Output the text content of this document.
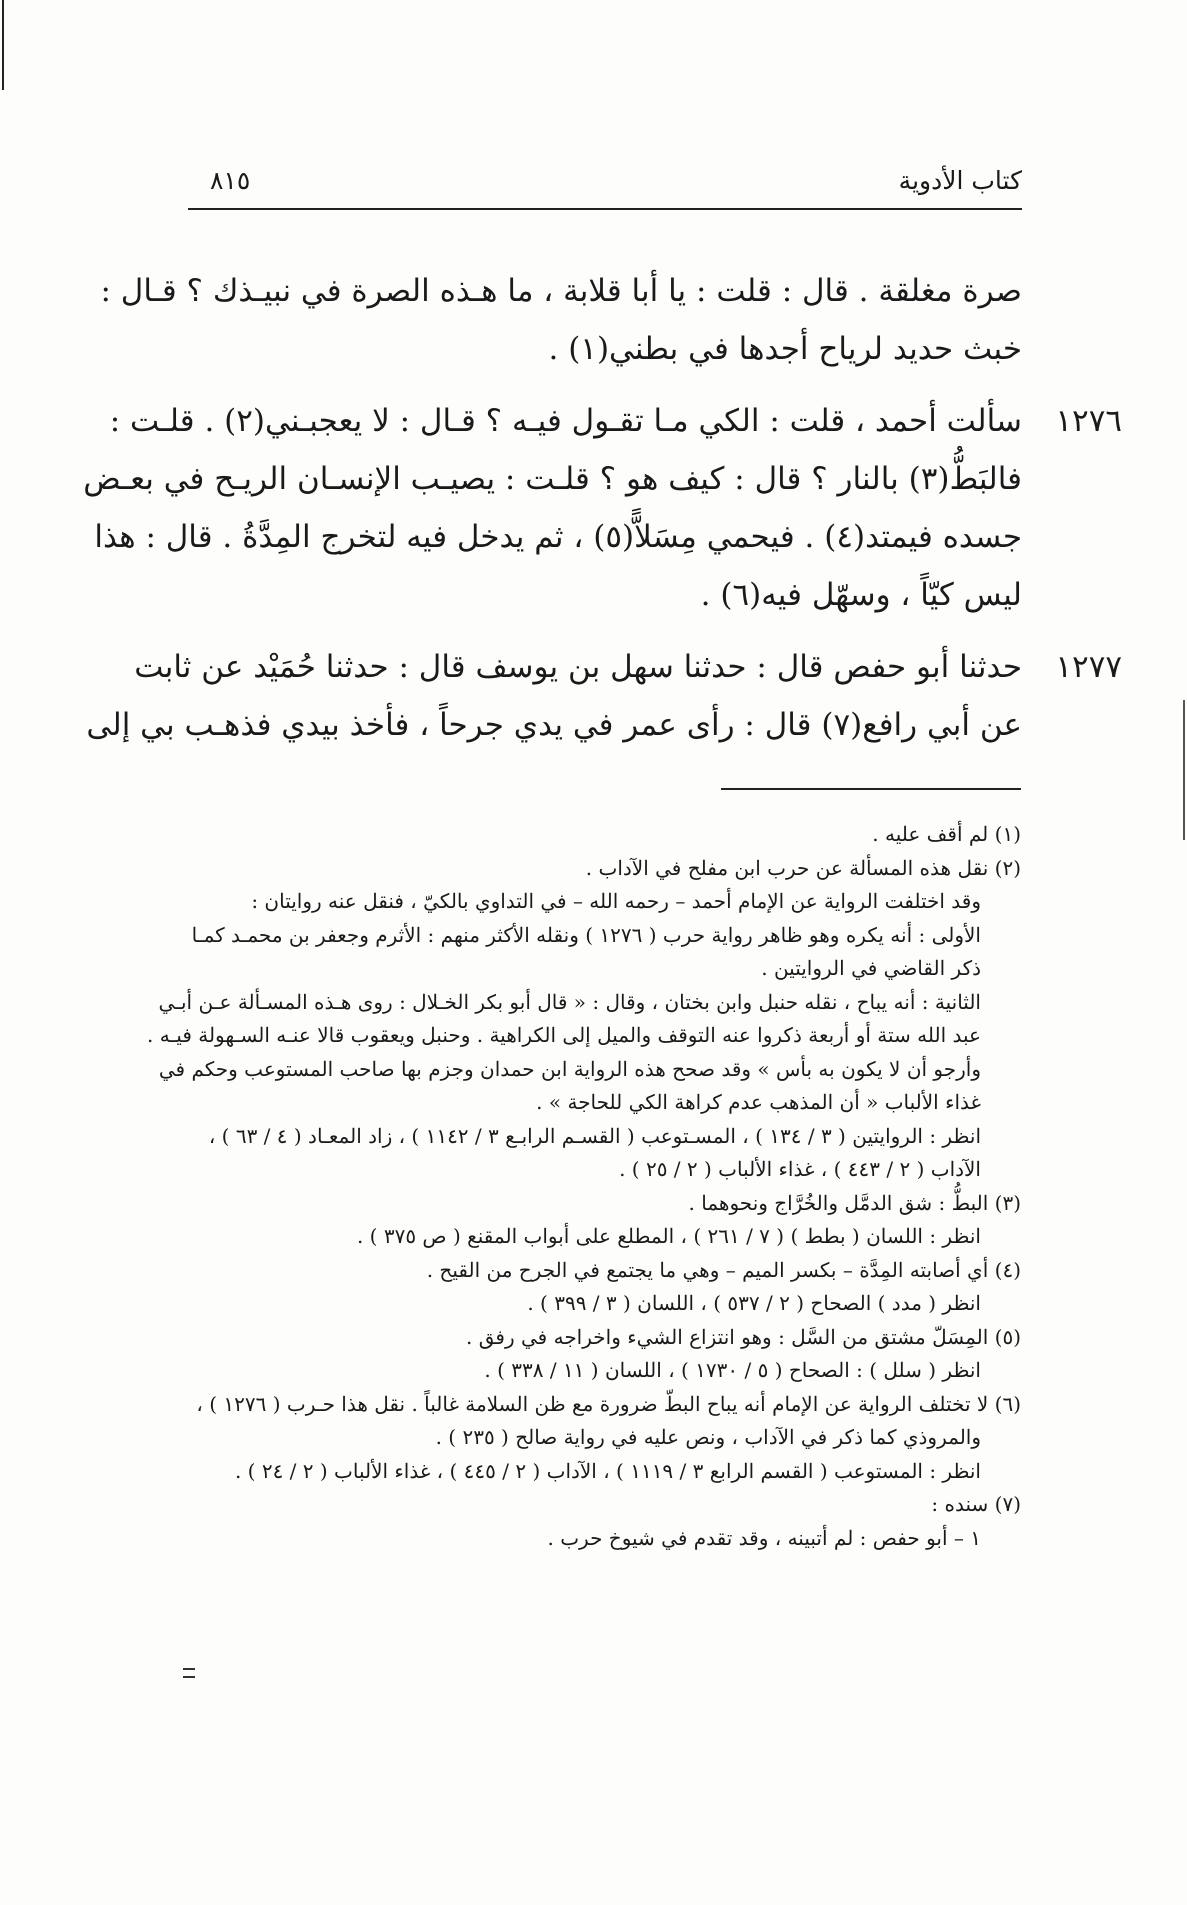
كتاب الأدوية
٨١٥
صرة مغلقة . قال : قلت : يا أبا قلابة ، ما هـذه الصرة في نبيـذك ؟ قـال :
خبث حديد لرياح أجدها في بطني(١) .
١٢٧٦
سألت أحمد ، قلت : الكي مـا تقـول فيـه ؟ قـال : لا يعجبـني(٢) . قلـت :
فالبَطُّ(٣) بالنار ؟ قال : كيف هو ؟ قلـت : يصيـب الإنسـان الريـح في بعـض
جسده فيمتد(٤) . فيحمي مِسَلاًّ(٥) ، ثم يدخل فيه لتخرج المِدَّةُ . قال : هذا
ليس كيّاً ، وسهّل فيه(٦) .
١٢٧٧
حدثنا أبو حفص قال : حدثنا سهل بن يوسف قال : حدثنا حُمَيْد عن ثابت
عن أبي رافع(٧) قال : رأى عمر في يدي جرحاً ، فأخذ بيدي فذهـب بي إلى
(١) لم أقف عليه .
(٢) نقل هذه المسألة عن حرب ابن مفلح في الآداب .
وقد اختلفت الرواية عن الإمام أحمد – رحمه الله – في التداوي بالكيّ ، فنقل عنه روايتان :
الأولى : أنه يكره وهو ظاهر رواية حرب ( ١٢٧٦ ) ونقله الأكثر منهم : الأثرم وجعفر بن محمـد كمـا
ذكر القاضي في الروايتين .
الثانية : أنه يباح ، نقله حنبل وابن بختان ، وقال : « قال أبو بكر الخـلال : روى هـذه المسـألة عـن أبـي
عبد الله ستة أو أربعة ذكروا عنه التوقف والميل إلى الكراهية . وحنبل ويعقوب قالا عنـه السـهولة فيـه .
وأرجو أن لا يكون به بأس » وقد صحح هذه الرواية ابن حمدان وجزم بها صاحب المستوعب وحكم في
غذاء الألباب « أن المذهب عدم كراهة الكي للحاجة » .
انظر : الروايتين ( ٣ / ١٣٤ ) ، المسـتوعب ( القسـم الرابـع ٣ / ١١٤٢ ) ، زاد المعـاد ( ٤ / ٦٣ ) ،
الآداب ( ٢ / ٤٤٣ ) ، غذاء الألباب ( ٢ / ٢٥ ) .
(٣) البطُّ : شق الدمَّل والخُرَّاج ونحوهما .
انظر : اللسان ( بطط ) ( ٧ / ٢٦١ ) ، المطلع على أبواب المقنع ( ص ٣٧٥ ) .
(٤) أي أصابته المِدَّة – بكسر الميم – وهي ما يجتمع في الجرح من القيح .
انظر ( مدد ) الصحاح ( ٢ / ٥٣٧ ) ، اللسان ( ٣ / ٣٩٩ ) .
(٥) المِسَلّ مشتق من السَّل : وهو انتزاع الشيء واخراجه في رفق .
انظر ( سلل ) : الصحاح ( ٥ / ١٧٣٠ ) ، اللسان ( ١١ / ٣٣٨ ) .
(٦) لا تختلف الرواية عن الإمام أنه يباح البطّ ضرورة مع ظن السلامة غالباً . نقل هذا حـرب ( ١٢٧٦ ) ،
والمروذي كما ذكر في الآداب ، ونص عليه في رواية صالح ( ٢٣٥ ) .
انظر : المستوعب ( القسم الرابع ٣ / ١١١٩ ) ، الآداب ( ٢ / ٤٤٥ ) ، غذاء الألباب ( ٢ / ٢٤ ) .
(٧) سنده :
١ – أبو حفص : لم أتبينه ، وقد تقدم في شيوخ حرب .
